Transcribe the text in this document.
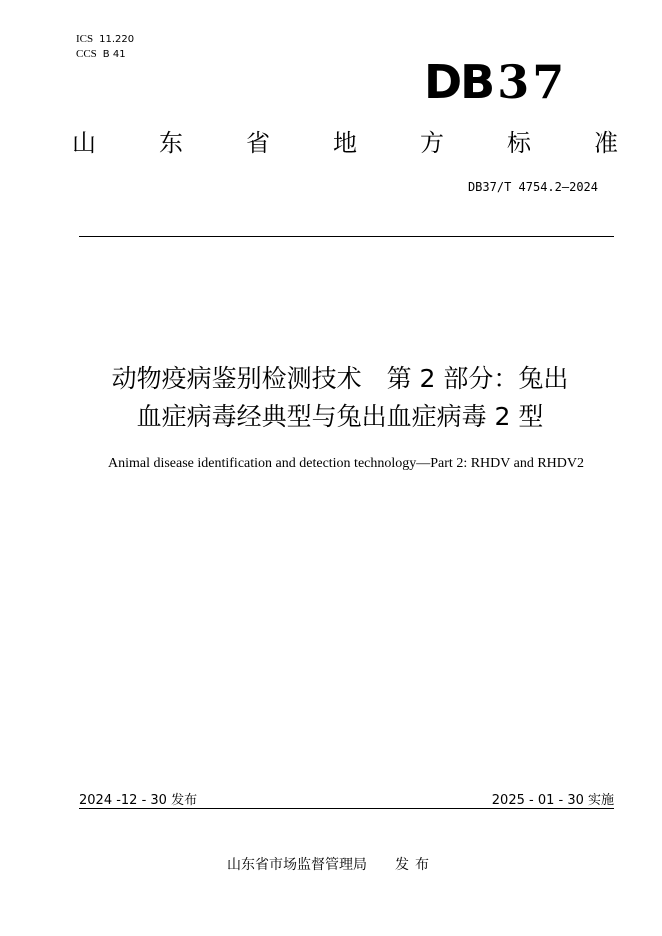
ICS 11.220
CCS B 41
DB37
山	东	省	地	方	标	准
DB37/T 4754.2—2024
动物疫病鉴别检测技术　第 2 部分：兔出
血症病毒经典型与兔出血症病毒 2 型
Animal disease identification and detection technology—Part 2: RHDV and RHDV2
2024 -12 - 30 发布	2025 - 01 - 30 实施
山东省市场监督管理局 发布
